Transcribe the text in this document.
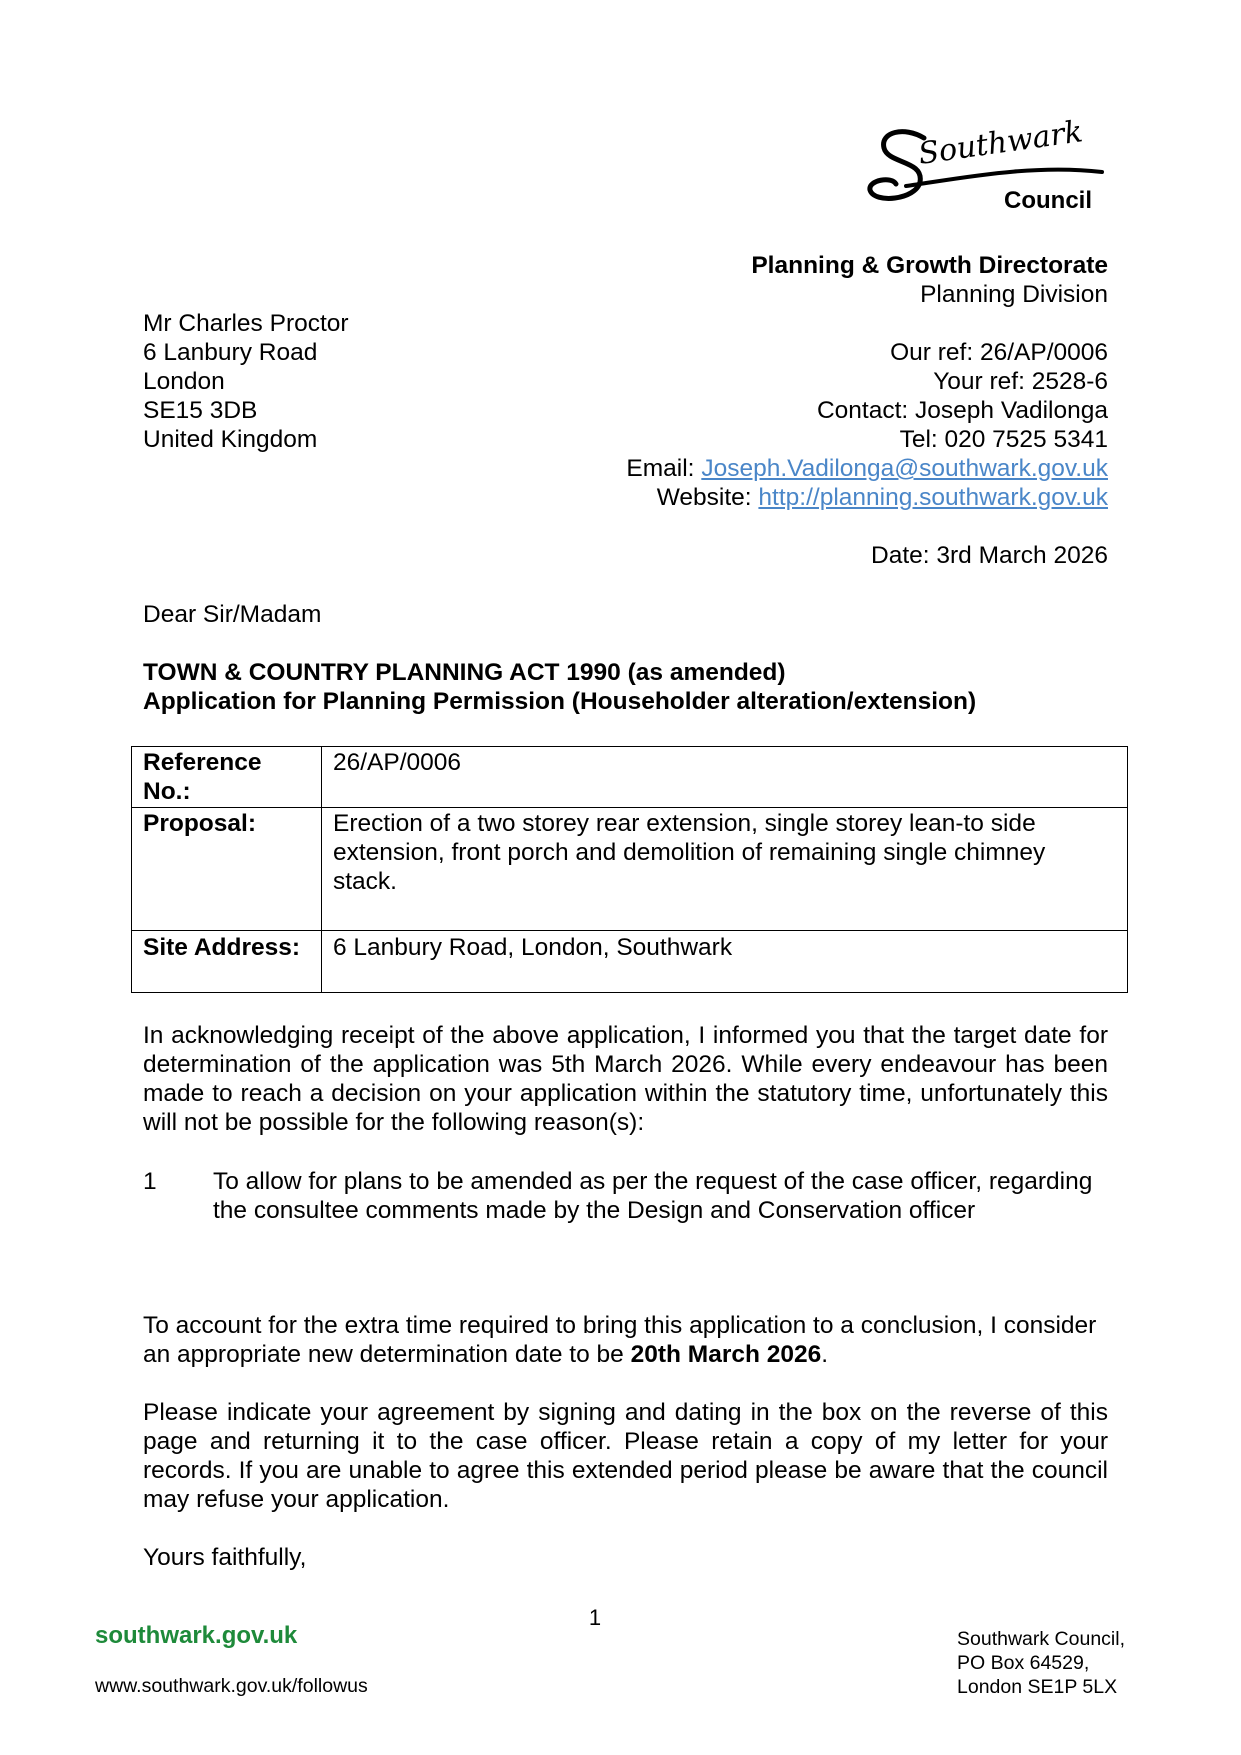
Southwark
Council
Planning & Growth Directorate
Planning Division
Mr Charles Proctor
6 Lanbury Road
London
SE15 3DB
United Kingdom
Our ref: 26/AP/0006
Your ref: 2528-6
Contact: Joseph Vadilonga
Tel: 020 7525 5341
Email: Joseph.Vadilonga@southwark.gov.uk
Website: http://planning.southwark.gov.uk
Date: 3rd March 2026
Dear Sir/Madam
TOWN & COUNTRY PLANNING ACT 1990 (as amended)
Application for Planning Permission (Householder alteration/extension)
Reference No.:	26/AP/0006
Proposal:	Erection of a two storey rear extension, single storey lean-to side extension, front porch and demolition of remaining single chimney stack.
Site Address:	6 Lanbury Road, London, Southwark
In acknowledging receipt of the above application, I informed you that the target date for determination of the application was 5th March 2026. While every endeavour has been made to reach a decision on your application within the statutory time, unfortunately this will not be possible for the following reason(s):
1 To allow for plans to be amended as per the request of the case officer, regarding the consultee comments made by the Design and Conservation officer
To account for the extra time required to bring this application to a conclusion, I consider an appropriate new determination date to be 20th March 2026.
Please indicate your agreement by signing and dating in the box on the reverse of this page and returning it to the case officer. Please retain a copy of my letter for your records. If you are unable to agree this extended period please be aware that the council may refuse your application.
Yours faithfully,
1
southwark.gov.uk
www.southwark.gov.uk/followus
Southwark Council,
PO Box 64529,
London SE1P 5LX
